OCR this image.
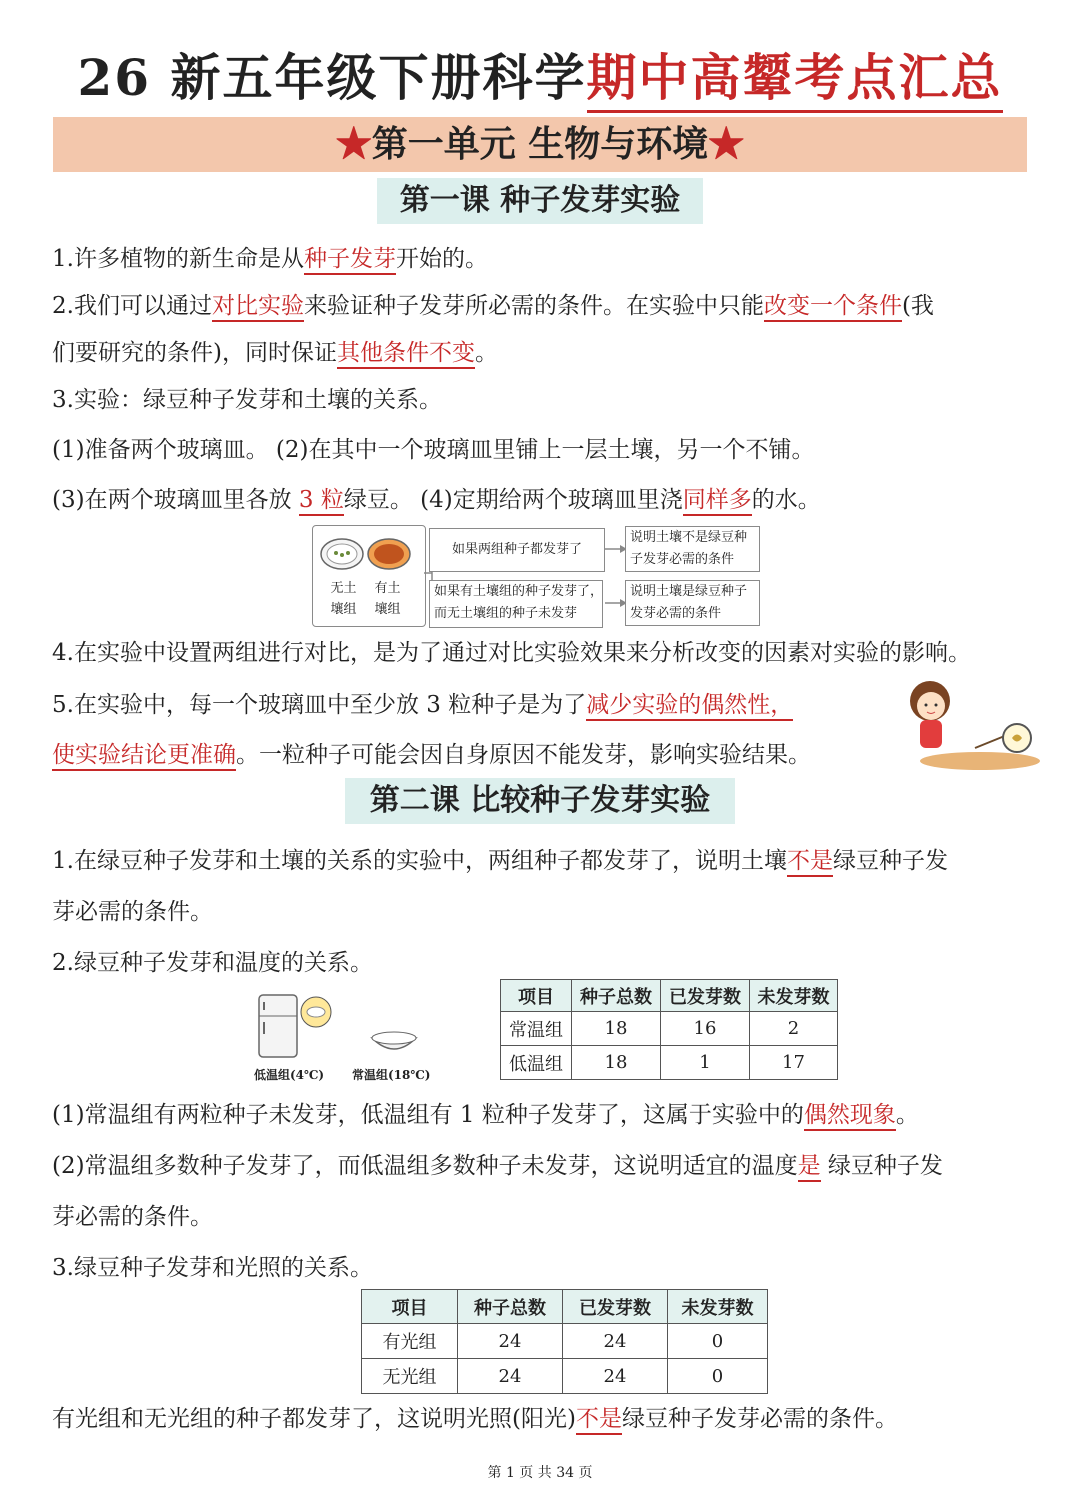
26 新五年级下册科学期中高颦考点汇总
★第一单元 生物与环境★
第一课 种子发芽实验
1.许多植物的新生命是从种子发芽开始的。
2.我们可以通过对比实验来验证种子发芽所必需的条件。在实验中只能改变一个条件(我
们要研究的条件)，同时保证其他条件不变。
3.实验：绿豆种子发芽和土壤的关系。
(1)准备两个玻璃皿。 (2)在其中一个玻璃皿里铺上一层土壤，另一个不铺。
(3)在两个玻璃皿里各放 3 粒绿豆。 (4)定期给两个玻璃皿里浇同样多的水。
无土
壤组
有土
壤组
如果两组种子都发芽了
如果有土壤组的种子发芽了，
而无土壤组的种子未发芽
说明土壤不是绿豆种
子发芽必需的条件
说明土壤是绿豆种子
发芽必需的条件
4.在实验中设置两组进行对比，是为了通过对比实验效果来分析改变的因素对实验的影响。
5.在实验中，每一个玻璃皿中至少放 3 粒种子是为了减少实验的偶然性，
使实验结论更准确。一粒种子可能会因自身原因不能发芽，影响实验结果。
第二课 比较种子发芽实验
1.在绿豆种子发芽和土壤的关系的实验中，两组种子都发芽了，说明土壤不是绿豆种子发
芽必需的条件。
2.绿豆种子发芽和温度的关系。
低温组(4℃) 常温组(18℃)
项目	种子总数	已发芽数	未发芽数
常温组	18	16	2
低温组	18	1	17
(1)常温组有两粒种子未发芽，低温组有 1 粒种子发芽了，这属于实验中的偶然现象。
(2)常温组多数种子发芽了，而低温组多数种子未发芽，这说明适宜的温度是 绿豆种子发
芽必需的条件。
3.绿豆种子发芽和光照的关系。
项目	种子总数	已发芽数	未发芽数
有光组	24	24	0
无光组	24	24	0
有光组和无光组的种子都发芽了，这说明光照(阳光)不是绿豆种子发芽必需的条件。
第 1 页 共 34 页
